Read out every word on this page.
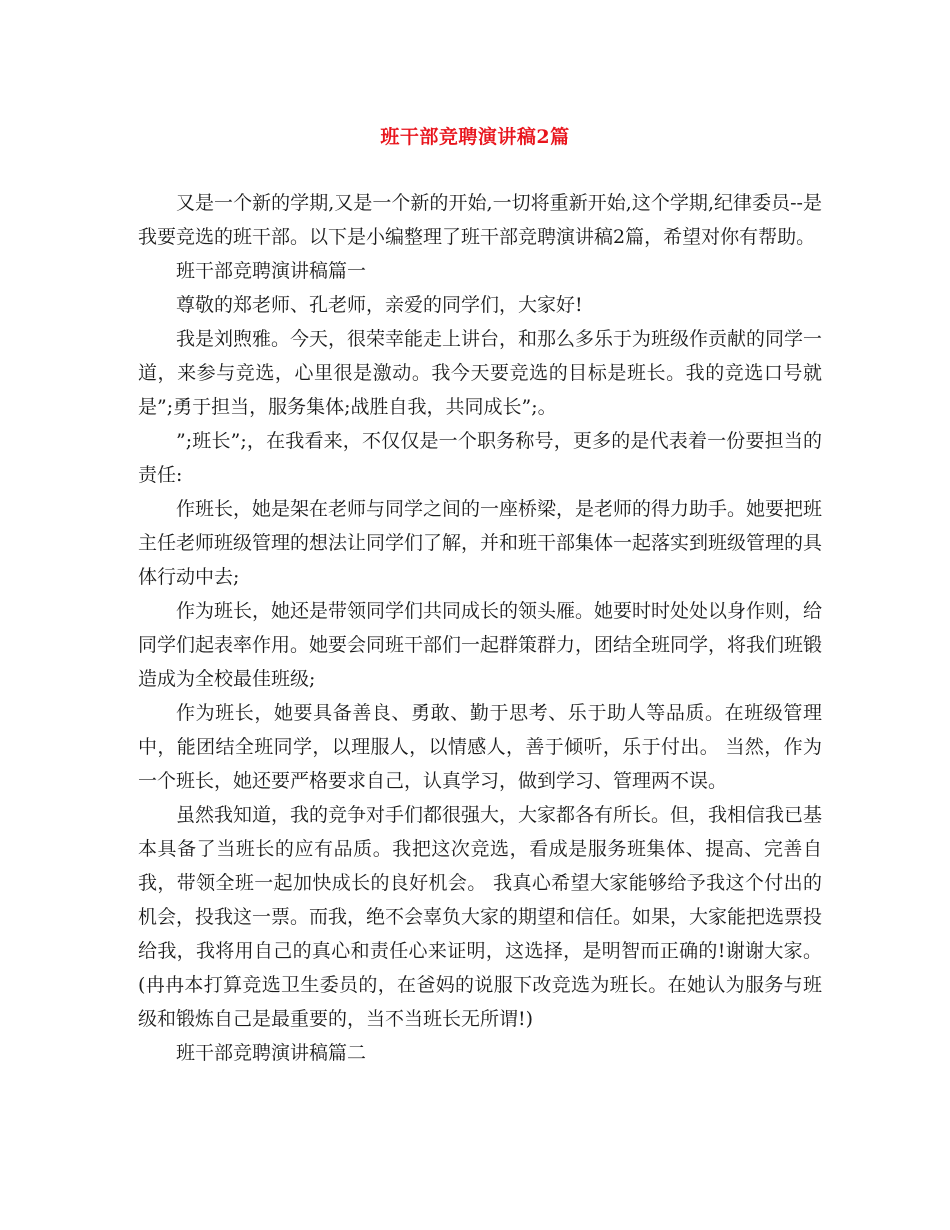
班干部竞聘演讲稿2篇

又是一个新的学期,又是一个新的开始,一切将重新开始,这个学期,纪律委员--是我要竞选的班干部。以下是小编整理了班干部竞聘演讲稿2篇，希望对你有帮助。

班干部竞聘演讲稿篇一

尊敬的郑老师、孔老师，亲爱的同学们，大家好!

我是刘煦雅。今天，很荣幸能走上讲台，和那么多乐于为班级作贡献的同学一道，来参与竞选，心里很是激动。我今天要竞选的目标是班长。我的竞选口号就是”;勇于担当，服务集体;战胜自我，共同成长”;。

”;班长”;，在我看来，不仅仅是一个职务称号，更多的是代表着一份要担当的责任:

作班长，她是架在老师与同学之间的一座桥梁，是老师的得力助手。她要把班主任老师班级管理的想法让同学们了解，并和班干部集体一起落实到班级管理的具体行动中去;

作为班长，她还是带领同学们共同成长的领头雁。她要时时处处以身作则，给同学们起表率作用。她要会同班干部们一起群策群力，团结全班同学，将我们班锻造成为全校最佳班级;

作为班长，她要具备善良、勇敢、勤于思考、乐于助人等品质。在班级管理中，能团结全班同学，以理服人，以情感人，善于倾听，乐于付出。 当然，作为一个班长，她还要严格要求自己，认真学习，做到学习、管理两不误。

虽然我知道，我的竞争对手们都很强大，大家都各有所长。但，我相信我已基本具备了当班长的应有品质。我把这次竞选，看成是服务班集体、提高、完善自我，带领全班一起加快成长的良好机会。 我真心希望大家能够给予我这个付出的机会，投我这一票。而我，绝不会辜负大家的期望和信任。如果，大家能把选票投给我，我将用自己的真心和责任心来证明，这选择，是明智而正确的!谢谢大家。 (冉冉本打算竞选卫生委员的，在爸妈的说服下改竞选为班长。在她认为服务与班级和锻炼自己是最重要的，当不当班长无所谓!)

班干部竞聘演讲稿篇二
